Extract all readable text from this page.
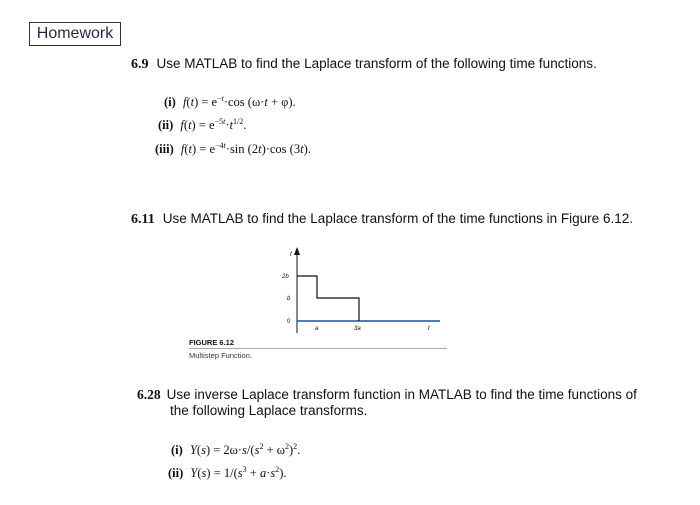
Homework
6.9 Use MATLAB to find the Laplace transform of the following time functions.
(i) $f(t) = e^{-t}\cdot\cos$ (ω·t + φ).
(ii) $f(t) = e^{-5t}\cdot t^{1/2}$.
(iii) $f(t) = e^{-4t}\cdot\sin$ (2t)·cos (3t).
6.11 Use MATLAB to find the Laplace transform of the time functions in Figure 6.12.
f
2b
b
0
a	3a	t
FIGURE 6.12
Multistep Function.
6.28 Use inverse Laplace transform function in MATLAB to find the time functions of
the following Laplace transforms.
(i) $Y(s) = 2\omega\cdot s/(s^2 + \omega^2)^2$.
(ii) $Y(s) = 1/(s^3 + a\cdot s^2)$.
